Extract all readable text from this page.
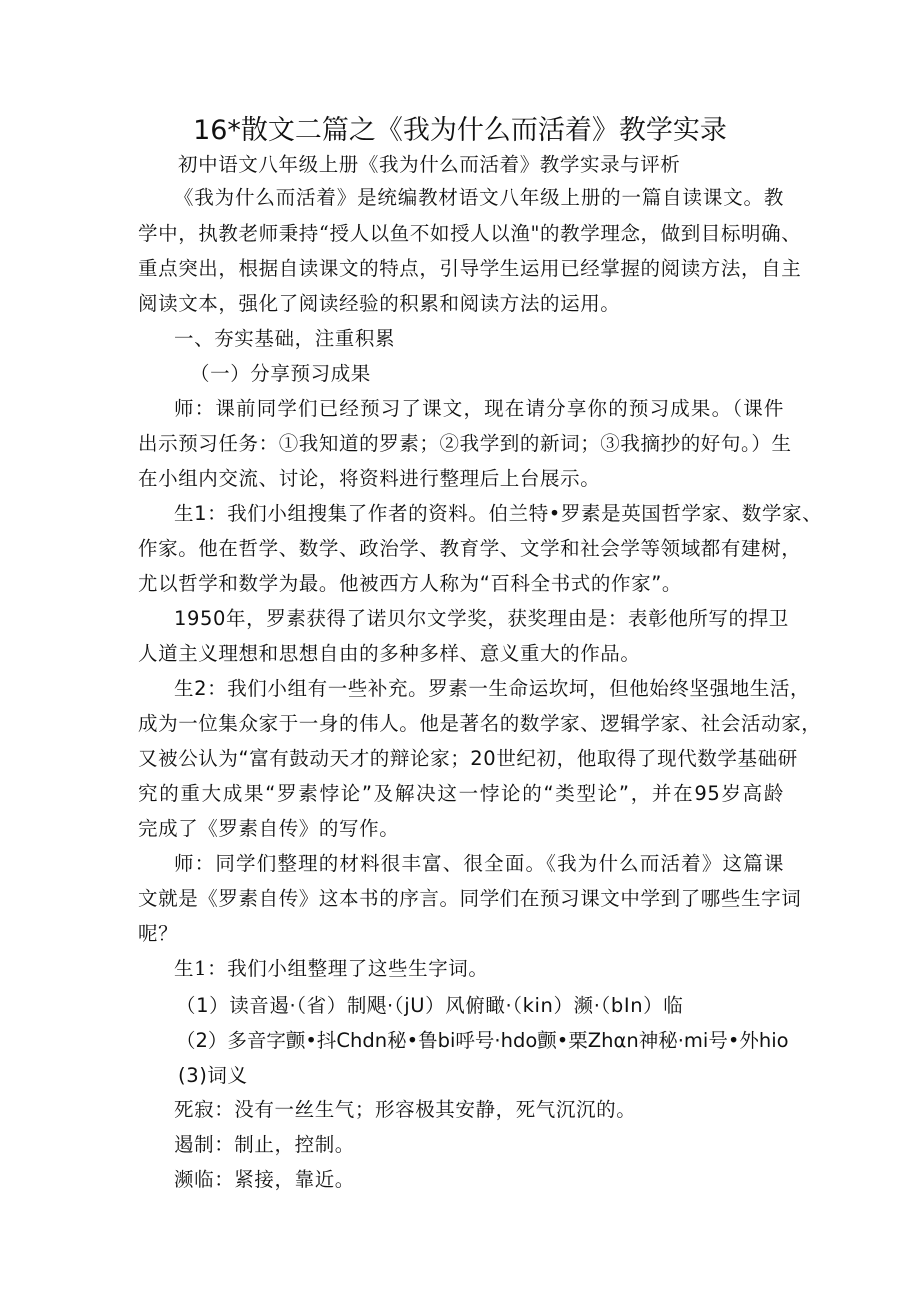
16*散文二篇之《我为什么而活着》教学实录
初中语文八年级上册《我为什么而活着》教学实录与评析
《我为什么而活着》是统编教材语文八年级上册的一篇自读课文。教
学中，执教老师秉持“授人以鱼不如授人以渔"的教学理念，做到目标明确、
重点突出，根据自读课文的特点，引导学生运用已经掌握的阅读方法，自主
阅读文本，强化了阅读经验的积累和阅读方法的运用。
一、夯实基础，注重积累
（一）分享预习成果
师：课前同学们已经预习了课文，现在请分享你的预习成果。（课件
出示预习任务：①我知道的罗素；②我学到的新词；③我摘抄的好句。）生
在小组内交流、讨论，将资料进行整理后上台展示。
生1：我们小组搜集了作者的资料。伯兰特•罗素是英国哲学家、数学家、
作家。他在哲学、数学、政治学、教育学、文学和社会学等领域都有建树，
尤以哲学和数学为最。他被西方人称为“百科全书式的作家”。
1950年，罗素获得了诺贝尔文学奖，获奖理由是：表彰他所写的捍卫
人道主义理想和思想自由的多种多样、意义重大的作品。
生2：我们小组有一些补充。罗素一生命运坎坷，但他始终坚强地生活，
成为一位集众家于一身的伟人。他是著名的数学家、逻辑学家、社会活动家，
又被公认为“富有鼓动天才的辩论家；20世纪初，他取得了现代数学基础研
究的重大成果“罗素悖论”及解决这一悖论的“类型论”，并在95岁高龄
完成了《罗素自传》的写作。
师：同学们整理的材料很丰富、很全面。《我为什么而活着》这篇课
文就是《罗素自传》这本书的序言。同学们在预习课文中学到了哪些生字词
呢？
生1：我们小组整理了这些生字词。
（1）读音遏·（省）制飓·（jU）风俯瞰·（kin）濒·（bIn）临
（2）多音字颤•抖Chdn秘•鲁bi呼号·hdo颤•栗Zhαn神秘·mi号•外hio
(3)词义
死寂：没有一丝生气；形容极其安静，死气沉沉的。
遏制：制止，控制。
濒临：紧接，靠近。
